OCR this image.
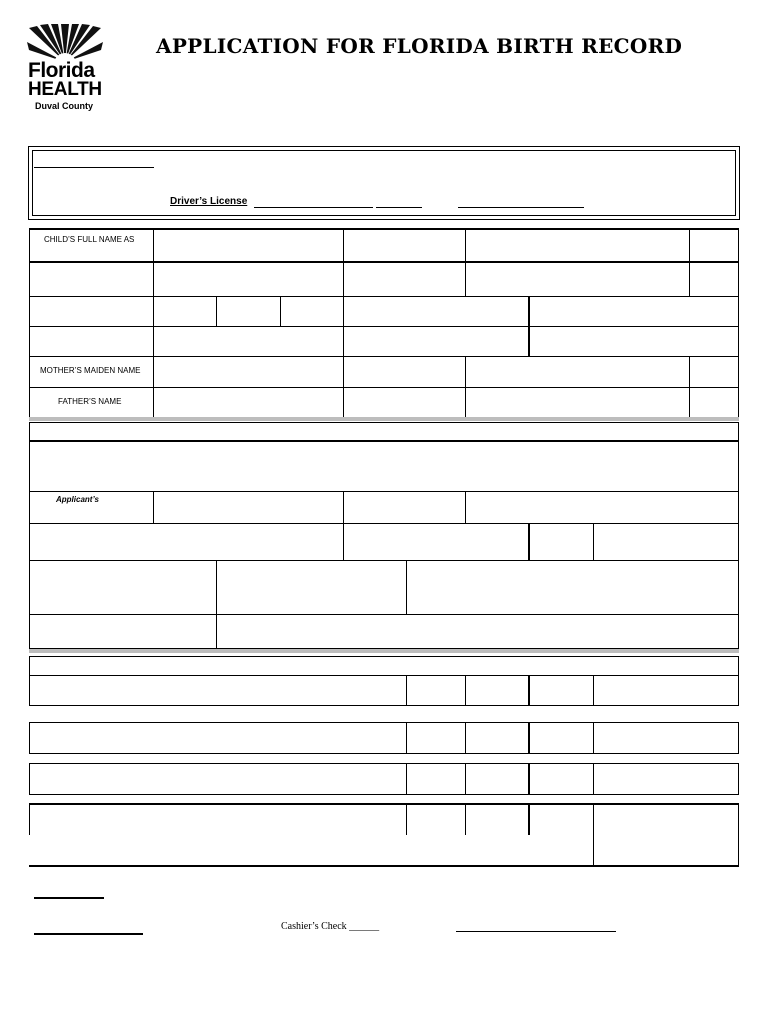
Florida
HEALTH
Duval County
APPLICATION FOR FLORIDA BIRTH RECORD
Driver’s License
CHILD’S FULL NAME AS
MOTHER’S MAIDEN NAME
FATHER’S NAME
Applicant’s
Cashier’s Check ______
